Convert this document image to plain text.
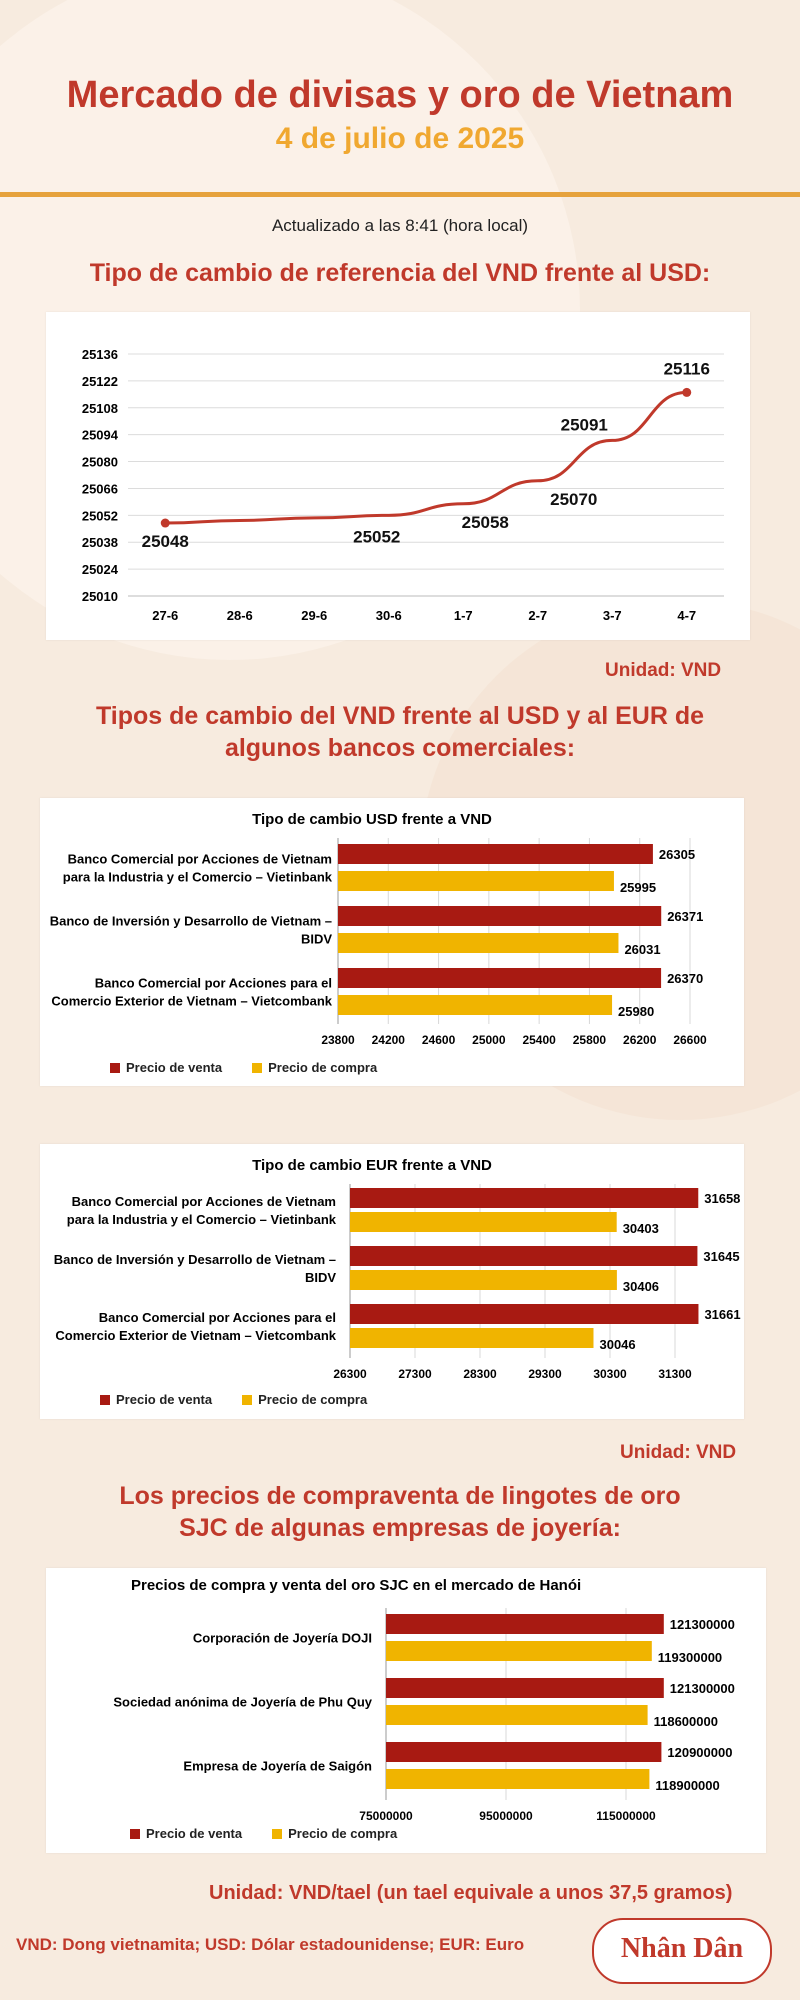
Mercado de divisas y oro de Vietnam
4 de julio de 2025
Actualizado a las 8:41 (hora local)
Tipo de cambio de referencia del VND frente al USD:
25010
25024
25038
25052
25066
25080
25094
25108
25122
25136
27-6	28-6	29-6	30-6	1-7	2-7	3-7	4-7
25048	25052
25058
25070
25091
25116
Unidad: VND
Tipos de cambio del VND frente al USD y al EUR de
algunos bancos comerciales:
Tipo de cambio USD frente a VND
23800 24200 24600 25000 25400 25800 26200 26600
Banco Comercial por Acciones de Vietnam
para la Industria y el Comercio – Vietinbank
26305
25995
Banco de Inversión y Desarrollo de Vietnam –
BIDV
26371
26031
Banco Comercial por Acciones para el
Comercio Exterior de Vietnam – Vietcombank
26370
25980
Precio de venta	Precio de compra
Tipo de cambio EUR frente a VND
26300	27300	28300	29300	30300	31300
Banco Comercial por Acciones de Vietnam
para la Industria y el Comercio – Vietinbank
31658
30403
Banco de Inversión y Desarrollo de Vietnam –
BIDV
31645
30406
Banco Comercial por Acciones para el
Comercio Exterior de Vietnam – Vietcombank
31661
30046
Precio de venta	Precio de compra
Unidad: VND
Los precios de compraventa de lingotes de oro
SJC de algunas empresas de joyería:
Precios de compra y venta del oro SJC en el mercado de Hanói
75000000	95000000	115000000
Corporación de Joyería DOJI
121300000
119300000
Sociedad anónima de Joyería de Phu Quy
121300000
118600000
Empresa de Joyería de Saigón
120900000
118900000
Precio de venta	Precio de compra
Unidad: VND/tael (un tael equivale a unos 37,5 gramos)
VND: Dong vietnamita; USD: Dólar estadounidense; EUR: Euro	Nhân Dân
